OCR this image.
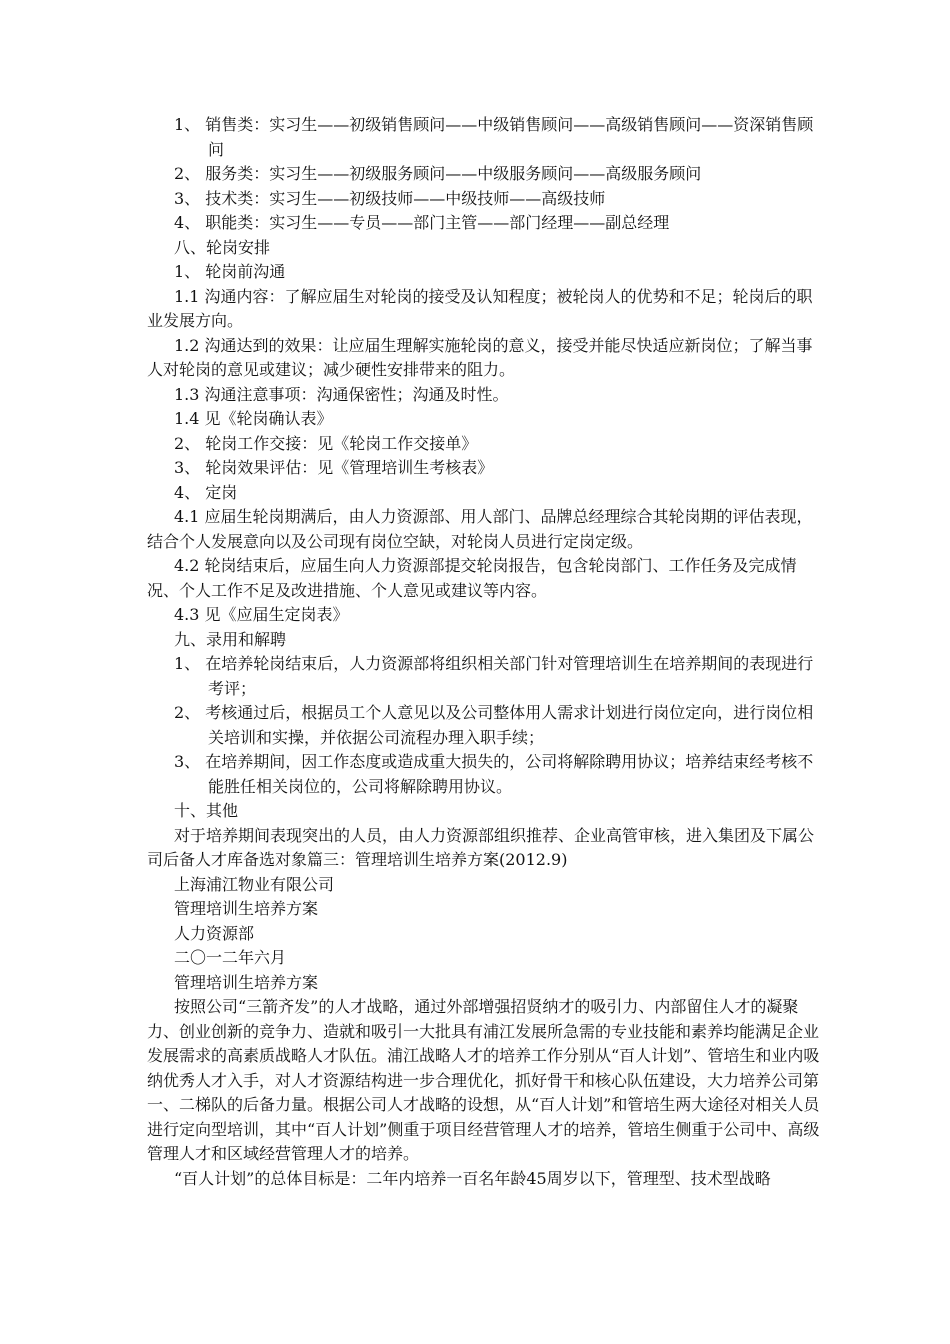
1、 销售类：实习生——初级销售顾问——中级销售顾问——高级销售顾问——资深销售顾问

2、 服务类：实习生——初级服务顾问——中级服务顾问——高级服务顾问

3、 技术类：实习生——初级技师——中级技师——高级技师

4、 职能类：实习生——专员——部门主管——部门经理——副总经理

八、轮岗安排

1、 轮岗前沟通

1.1 沟通内容：了解应届生对轮岗的接受及认知程度；被轮岗人的优势和不足；轮岗后的职业发展方向。

1.2 沟通达到的效果：让应届生理解实施轮岗的意义，接受并能尽快适应新岗位；了解当事人对轮岗的意见或建议；减少硬性安排带来的阻力。

1.3 沟通注意事项：沟通保密性；沟通及时性。

1.4 见《轮岗确认表》

2、 轮岗工作交接：见《轮岗工作交接单》

3、 轮岗效果评估：见《管理培训生考核表》

4、 定岗

4.1 应届生轮岗期满后，由人力资源部、用人部门、品牌总经理综合其轮岗期的评估表现，结合个人发展意向以及公司现有岗位空缺，对轮岗人员进行定岗定级。

4.2 轮岗结束后，应届生向人力资源部提交轮岗报告，包含轮岗部门、工作任务及完成情况、个人工作不足及改进措施、个人意见或建议等内容。

4.3 见《应届生定岗表》

九、录用和解聘

1、 在培养轮岗结束后，人力资源部将组织相关部门针对管理培训生在培养期间的表现进行考评；

2、 考核通过后，根据员工个人意见以及公司整体用人需求计划进行岗位定向，进行岗位相关培训和实操，并依据公司流程办理入职手续；

3、 在培养期间，因工作态度或造成重大损失的，公司将解除聘用协议；培养结束经考核不能胜任相关岗位的，公司将解除聘用协议。

十、其他

对于培养期间表现突出的人员，由人力资源部组织推荐、企业高管审核，进入集团及下属公司后备人才库备选对象篇三：管理培训生培养方案(2012.9)

上海浦江物业有限公司

管理培训生培养方案

人力资源部

二〇一二年六月

管理培训生培养方案

按照公司“三箭齐发”的人才战略，通过外部增强招贤纳才的吸引力、内部留住人才的凝聚力、创业创新的竞争力、造就和吸引一大批具有浦江发展所急需的专业技能和素养均能满足企业发展需求的高素质战略人才队伍。浦江战略人才的培养工作分别从“百人计划”、管培生和业内吸纳优秀人才入手，对人才资源结构进一步合理优化，抓好骨干和核心队伍建设，大力培养公司第一、二梯队的后备力量。根据公司人才战略的设想，从“百人计划”和管培生两大途径对相关人员进行定向型培训，其中“百人计划”侧重于项目经营管理人才的培养，管培生侧重于公司中、高级管理人才和区域经营管理人才的培养。

“百人计划”的总体目标是：二年内培养一百名年龄45周岁以下，管理型、技术型战略
